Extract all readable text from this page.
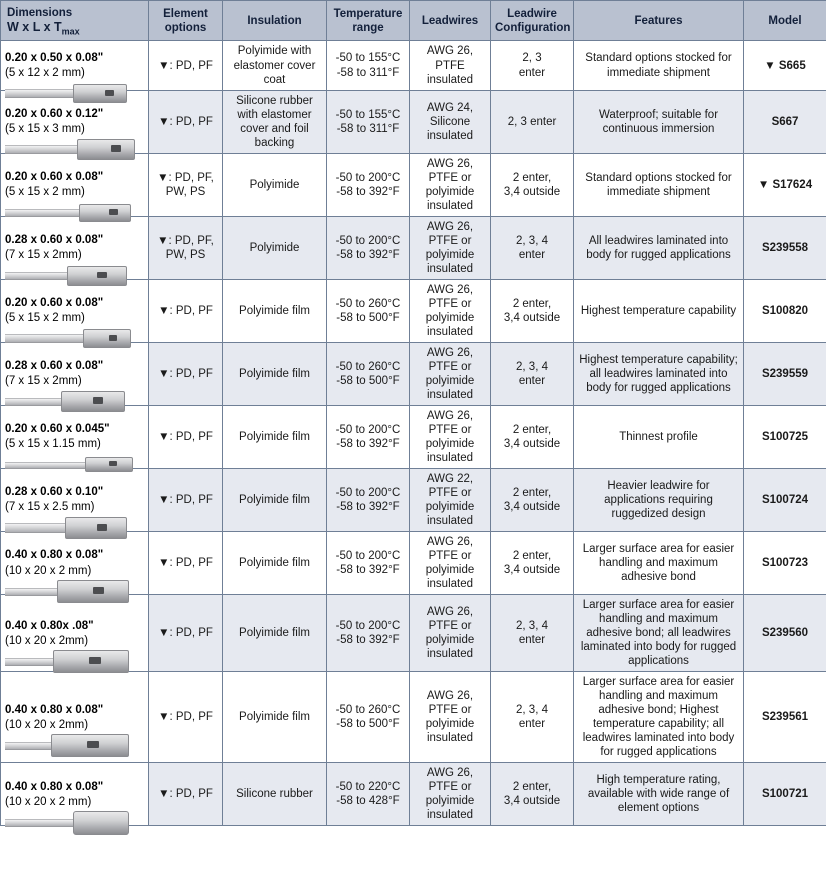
Dimensions
W x L x $T_{max}$	Element
options	Insulation	Temperature
range	Leadwires	Leadwire
Configuration	Features	Model

0.20 x 0.50 x 0.08"
(5 x 12 x 2 mm)	▼: PD, PF	Polyimide with elastomer cover coat	-50 to 155°C
-58 to 311°F	AWG 26,
PTFE insulated	2, 3
enter	Standard options stocked for immediate shipment	▼ S665

0.20 x 0.60 x 0.12"
(5 x 15 x 3 mm)	▼: PD, PF	Silicone rubber with elastomer cover and foil backing	-50 to 155°C
-58 to 311°F	AWG 24,
Silicone insulated	2, 3 enter	Waterproof; suitable for continuous immersion	S667

0.20 x 0.60 x 0.08"
(5 x 15 x 2 mm)	▼: PD, PF,
PW, PS	Polyimide	-50 to 200°C
-58 to 392°F	AWG 26, PTFE or polyimide insulated	2 enter,
3,4 outside	Standard options stocked for immediate shipment	▼ S17624

0.28 x 0.60 x 0.08"
(7 x 15 x 2mm)	▼: PD, PF,
PW, PS	Polyimide	-50 to 200°C
-58 to 392°F	AWG 26, PTFE or polyimide insulated	2, 3, 4
enter	All leadwires laminated into body for rugged applications	S239558

0.20 x 0.60 x 0.08"
(5 x 15 x 2 mm)	▼: PD, PF	Polyimide film	-50 to 260°C
-58 to 500°F	AWG 26, PTFE or polyimide insulated	2 enter,
3,4 outside	Highest temperature capability	S100820

0.28 x 0.60 x 0.08"
(7 x 15 x 2mm)	▼: PD, PF	Polyimide film	-50 to 260°C
-58 to 500°F	AWG 26, PTFE or polyimide insulated	2, 3, 4
enter	Highest temperature capability; all leadwires laminated into body for rugged applications	S239559

0.20 x 0.60 x 0.045"
(5 x 15 x 1.15 mm)	▼: PD, PF	Polyimide film	-50 to 200°C
-58 to 392°F	AWG 26, PTFE or polyimide insulated	2 enter,
3,4 outside	Thinnest profile	S100725

0.28 x 0.60 x 0.10"
(7 x 15 x 2.5 mm)	▼: PD, PF	Polyimide film	-50 to 200°C
-58 to 392°F	AWG 22, PTFE or polyimide insulated	2 enter,
3,4 outside	Heavier leadwire for applications requiring ruggedized design	S100724

0.40 x 0.80 x 0.08"
(10 x 20 x 2 mm)	▼: PD, PF	Polyimide film	-50 to 200°C
-58 to 392°F	AWG 26, PTFE or polyimide insulated	2 enter,
3,4 outside	Larger surface area for easier handling and maximum adhesive bond	S100723

0.40 x 0.80x .08"
(10 x 20 x 2mm)	▼: PD, PF	Polyimide film	-50 to 200°C
-58 to 392°F	AWG 26, PTFE or polyimide insulated	2, 3, 4
enter	Larger surface area for easier handling and maximum adhesive bond; all leadwires laminated into body for rugged applications	S239560

0.40 x 0.80 x 0.08"
(10 x 20 x 2mm)	▼: PD, PF	Polyimide film	-50 to 260°C
-58 to 500°F	AWG 26, PTFE or polyimide insulated	2, 3, 4
enter	Larger surface area for easier handling and maximum adhesive bond; Highest temperature capability; all leadwires laminated into body for rugged applications	S239561

0.40 x 0.80 x 0.08"
(10 x 20 x 2 mm)	▼: PD, PF	Silicone rubber	-50 to 220°C
-58 to 428°F	AWG 26, PTFE or polyimide insulated	2 enter,
3,4 outside	High temperature rating, available with wide range of element options	S100721
